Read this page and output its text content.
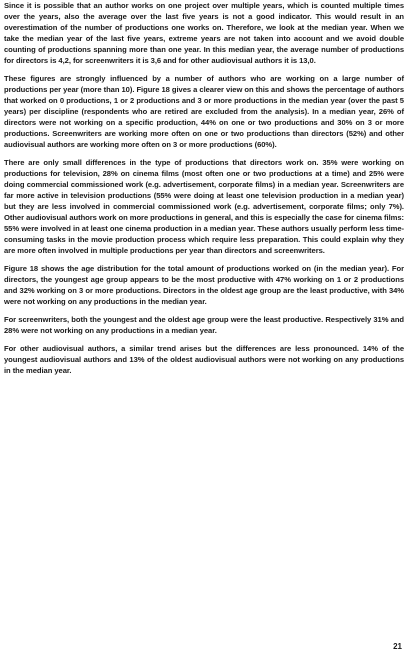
Since it is possible that an author works on one project over multiple years, which is counted multiple times over the years, also the average over the last five years is not a good indicator. This would result in an overestimation of the number of productions one works on. Therefore, we look at the median year. When we take the median year of the last five years, extreme years are not taken into account and we avoid double counting of productions spanning more than one year. In this median year, the average number of productions for directors is 4,2, for screenwriters it is 3,6 and for other audiovisual authors it is 13,0.

These figures are strongly influenced by a number of authors who are working on a large number of productions per year (more than 10). Figure 18 gives a clearer view on this and shows the percentage of authors that worked on 0 productions, 1 or 2 productions and 3 or more productions in the median year (over the past 5 years) per discipline (respondents who are retired are excluded from the analysis). In a median year, 26% of directors were not working on a specific production, 44% on one or two productions and 30% on 3 or more productions. Screenwriters are working more often on one or two productions than directors (52%) and other audiovisual authors are working more often on 3 or more productions (60%).

There are only small differences in the type of productions that directors work on. 35% were working on productions for television, 28% on cinema films (most often one or two productions at a time) and 25% were doing commercial commissioned work (e.g. advertisement, corporate films) in a median year. Screenwriters are far more active in television productions (55% were doing at least one television production in a median year) but they are less involved in commercial commissioned work (e.g. advertisement, corporate films; only 7%). Other audiovisual authors work on more productions in general, and this is especially the case for cinema films: 55% were involved in at least one cinema production in a median year. These authors usually perform less time-consuming tasks in the movie production process which require less preparation. This could explain why they are more often involved in multiple productions per year than directors and screenwriters.

Figure 18 shows the age distribution for the total amount of productions worked on (in the median year). For directors, the youngest age group appears to be the most productive with 47% working on 1 or 2 productions and 32% working on 3 or more productions. Directors in the oldest age group are the least productive, with 34% were not working on any productions in the median year.

For screenwriters, both the youngest and the oldest age group were the least productive. Respectively 31% and 28% were not working on any productions in a median year.

For other audiovisual authors, a similar trend arises but the differences are less pronounced. 14% of the youngest audiovisual authors and 13% of the oldest audiovisual authors were not working on any productions in the median year.

21
